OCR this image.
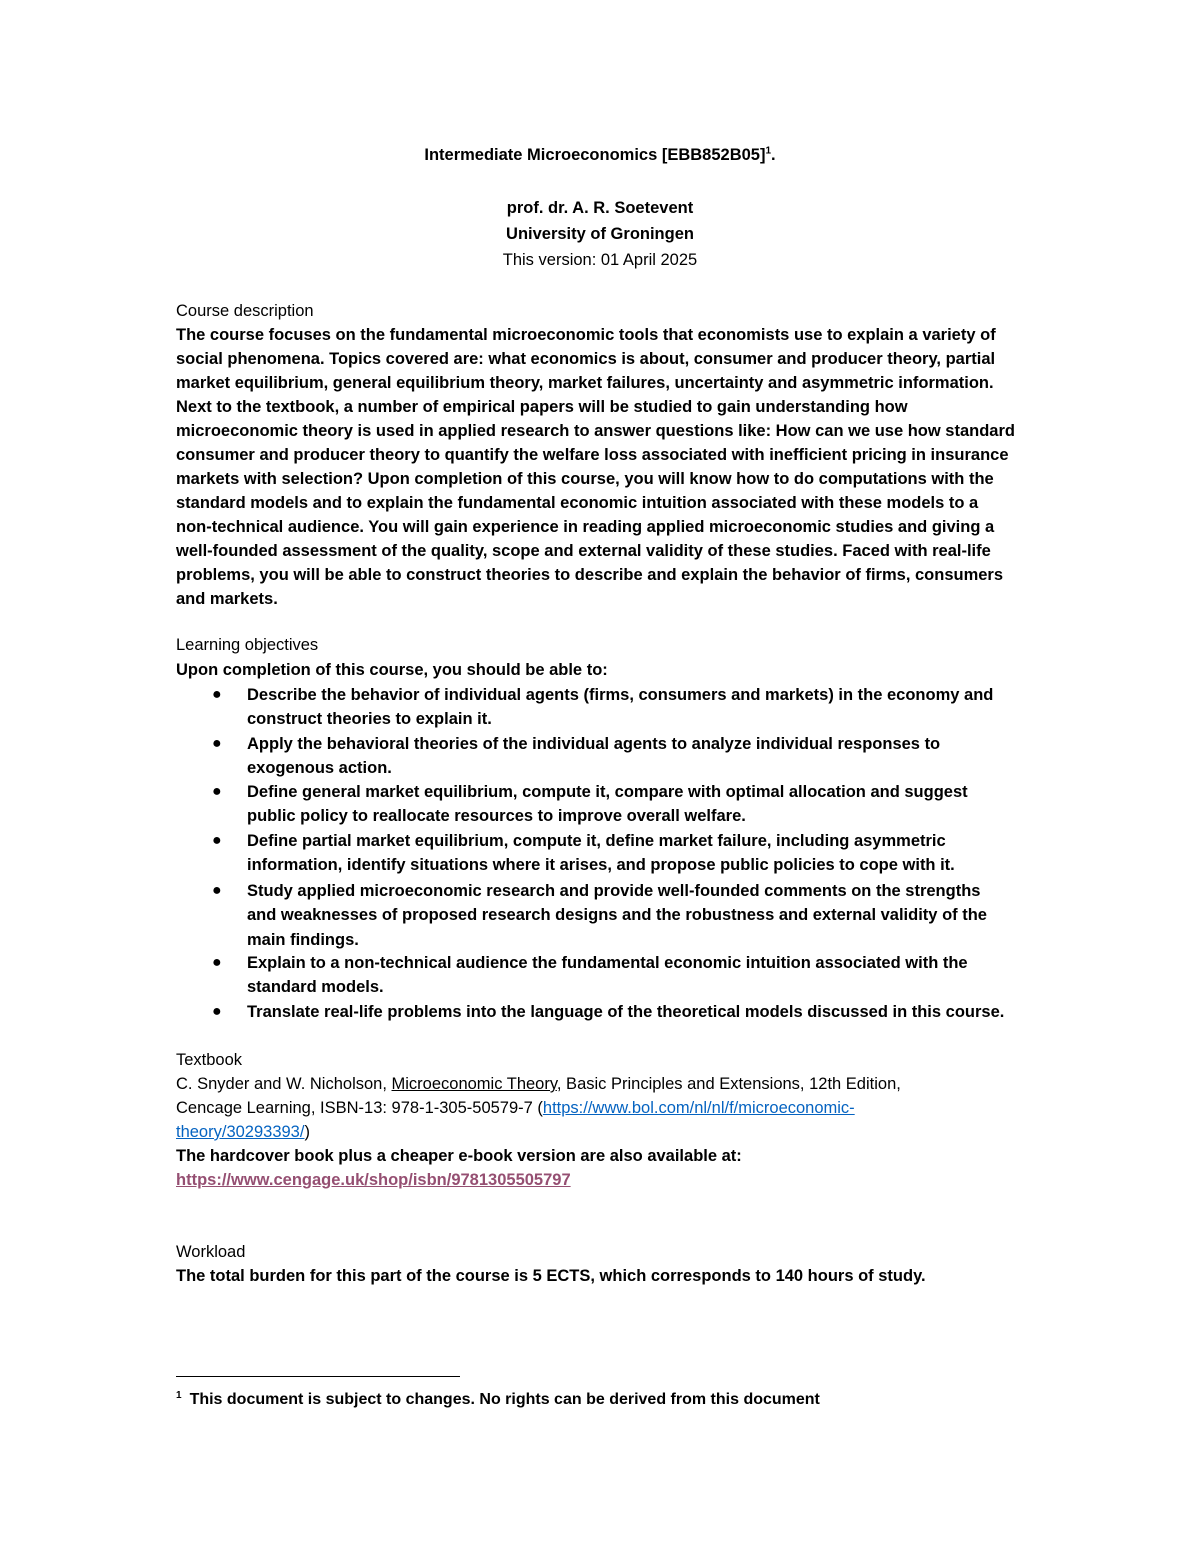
Intermediate Microeconomics $[EBB852B05]^1$.
prof. dr. A. R. Soetevent
University of Groningen
This version: 01 April 2025
Course description
The course focuses on the fundamental microeconomic tools that economists use to explain a variety of
social phenomena. Topics covered are: what economics is about, consumer and producer theory, partial
market equilibrium, general equilibrium theory, market failures, uncertainty and asymmetric information.
Next to the textbook, a number of empirical papers will be studied to gain understanding how
microeconomic theory is used in applied research to answer questions like: How can we use how standard
consumer and producer theory to quantify the welfare loss associated with inefficient pricing in insurance
markets with selection? Upon completion of this course, you will know how to do computations with the
standard models and to explain the fundamental economic intuition associated with these models to a
non-technical audience. You will gain experience in reading applied microeconomic studies and giving a
well-founded assessment of the quality, scope and external validity of these studies. Faced with real-life
problems, you will be able to construct theories to describe and explain the behavior of firms, consumers
and markets.
Learning objectives
Upon completion of this course, you should be able to:
● Describe the behavior of individual agents (firms, consumers and markets) in the economy and
construct theories to explain it.
● Apply the behavioral theories of the individual agents to analyze individual responses to
exogenous action.
● Define general market equilibrium, compute it, compare with optimal allocation and suggest
public policy to reallocate resources to improve overall welfare.
● Define partial market equilibrium, compute it, define market failure, including asymmetric
information, identify situations where it arises, and propose public policies to cope with it.
● Study applied microeconomic research and provide well-founded comments on the strengths
and weaknesses of proposed research designs and the robustness and external validity of the
main findings.
● Explain to a non-technical audience the fundamental economic intuition associated with the
standard models.
● Translate real-life problems into the language of the theoretical models discussed in this course.
Textbook
C. Snyder and W. Nicholson, Microeconomic Theory, Basic Principles and Extensions, 12th Edition,
Cencage Learning, ISBN-13: 978-1-305-50579-7 (https://www.bol.com/nl/nl/f/microeconomic-
theory/30293393/)
The hardcover book plus a cheaper e-book version are also available at:
https://www.cengage.uk/shop/isbn/9781305505797
Workload
The total burden for this part of the course is 5 ECTS, which corresponds to 140 hours of study.
$^1$ This document is subject to changes. No rights can be derived from this document
